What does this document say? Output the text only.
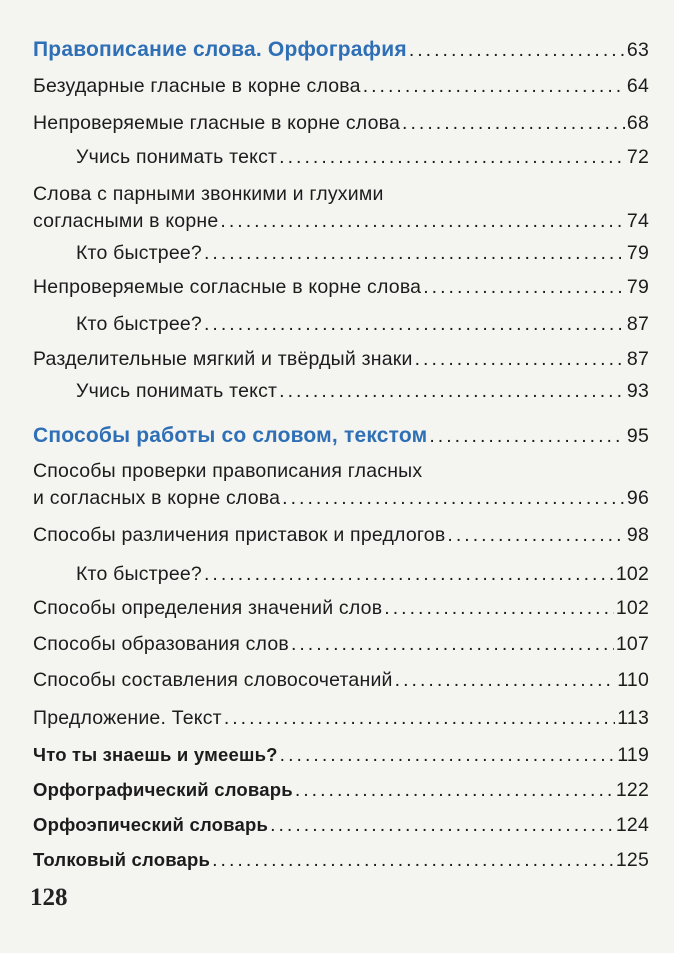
Правописание слова. Орфография . . .	63
Безударные гласные в корне слова . . .	64
Непроверяемые гласные в корне слова . . .	68
Учись понимать текст . . .	72
Слова с парными звонкими и глухими
согласными в корне . . .	74
Кто быстрее? . . .	79
Непроверяемые согласные в корне слова . . .	79
Кто быстрее? . . .	87
Разделительные мягкий и твёрдый знаки . . .	87
Учись понимать текст . . .	93
Способы работы со словом, текстом . . .	95
Способы проверки правописания гласных
и согласных в корне слова . . .	96
Способы различения приставок и предлогов . . .	98
Кто быстрее? . . .	102
Способы определения значений слов . . .	102
Способы образования слов . . .	107
Способы составления словосочетаний . . .	110
Предложение. Текст . . .	113
Что ты знаешь и умеешь? . . .	119
Орфографический словарь . . .	122
Орфоэпический словарь . . .	124
Толковый словарь . . .	125
128
